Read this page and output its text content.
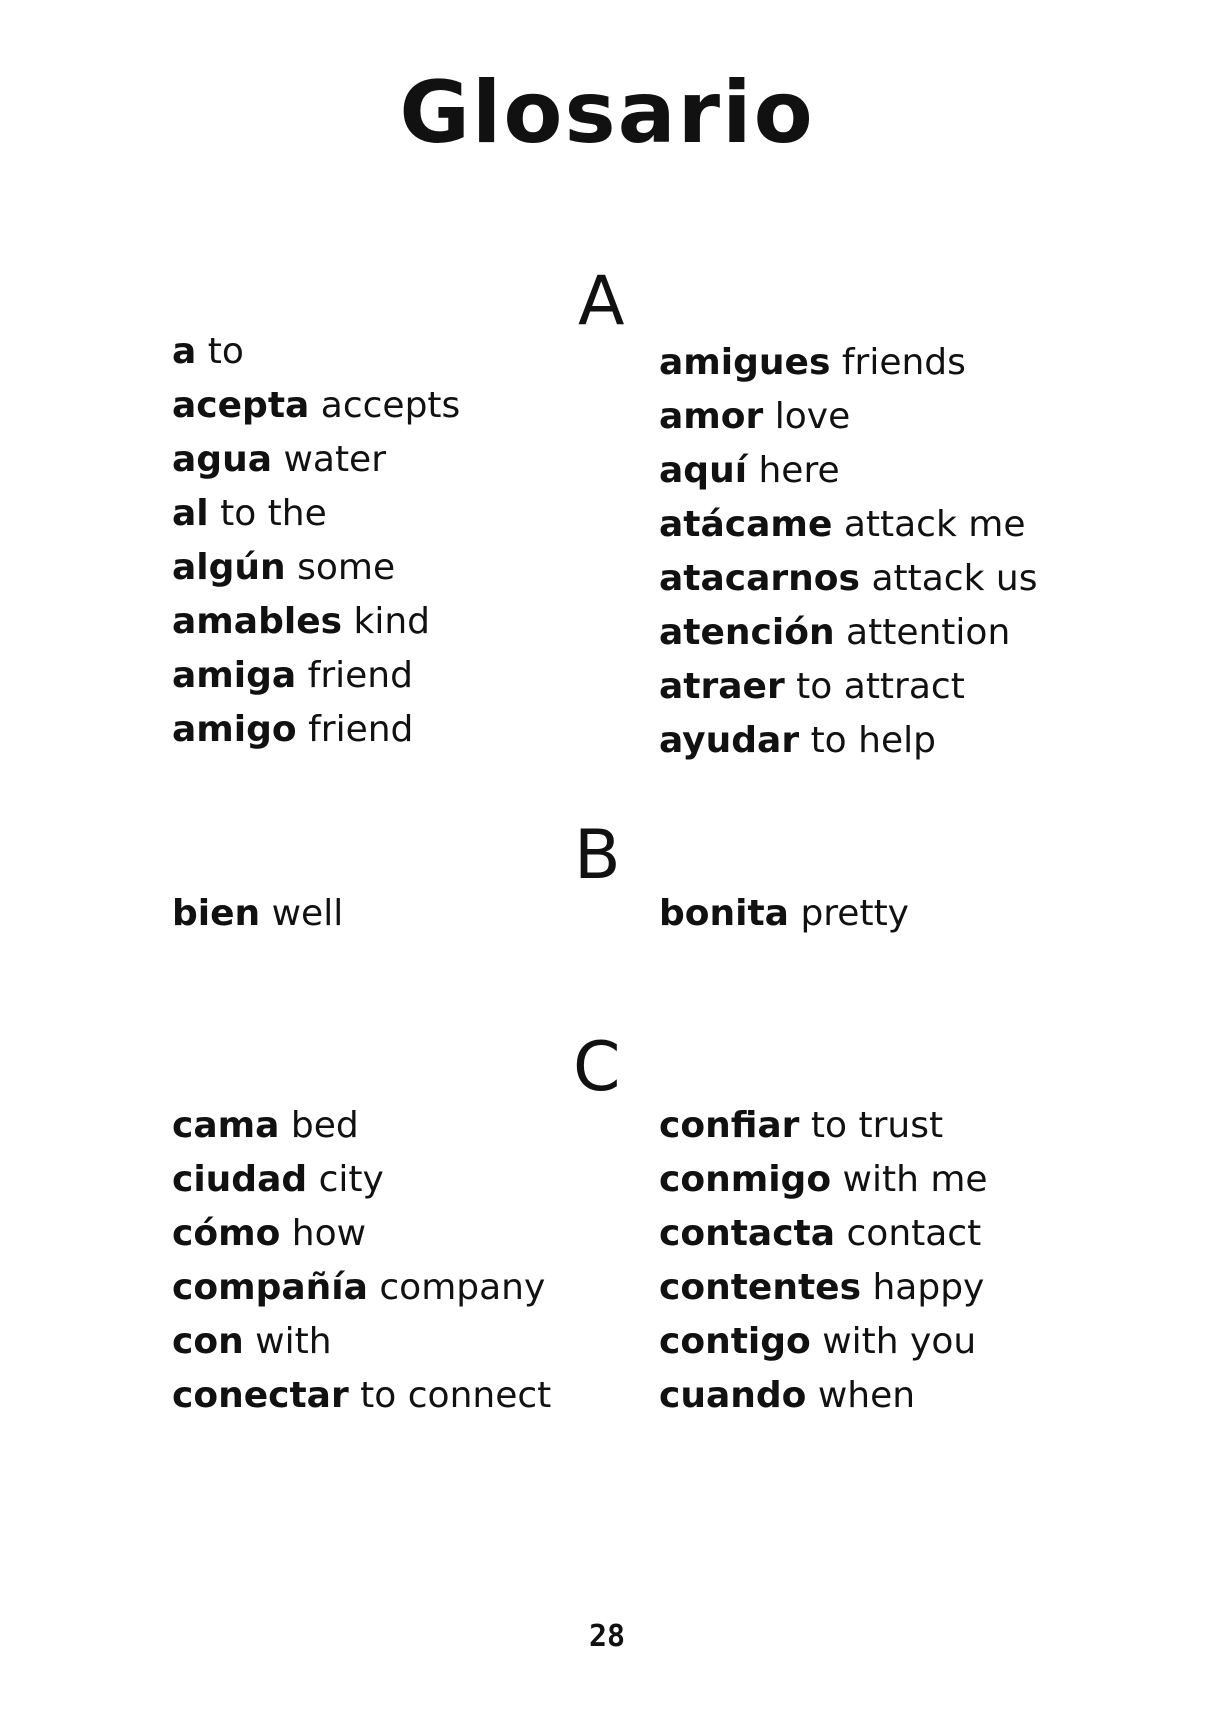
Glosario
A
a to
acepta accepts
agua water
al to the
algún some
amables kind
amiga friend
amigo friend
amigues friends
amor love
aquí here
atácame attack me
atacarnos attack us
atención attention
atraer to attract
ayudar to help
B
bien well	bonita pretty
C
cama bed
ciudad city
cómo how
compañía company
con with
conectar to connect
confiar to trust
conmigo with me
contacta contact
contentes happy
contigo with you
cuando when
28
